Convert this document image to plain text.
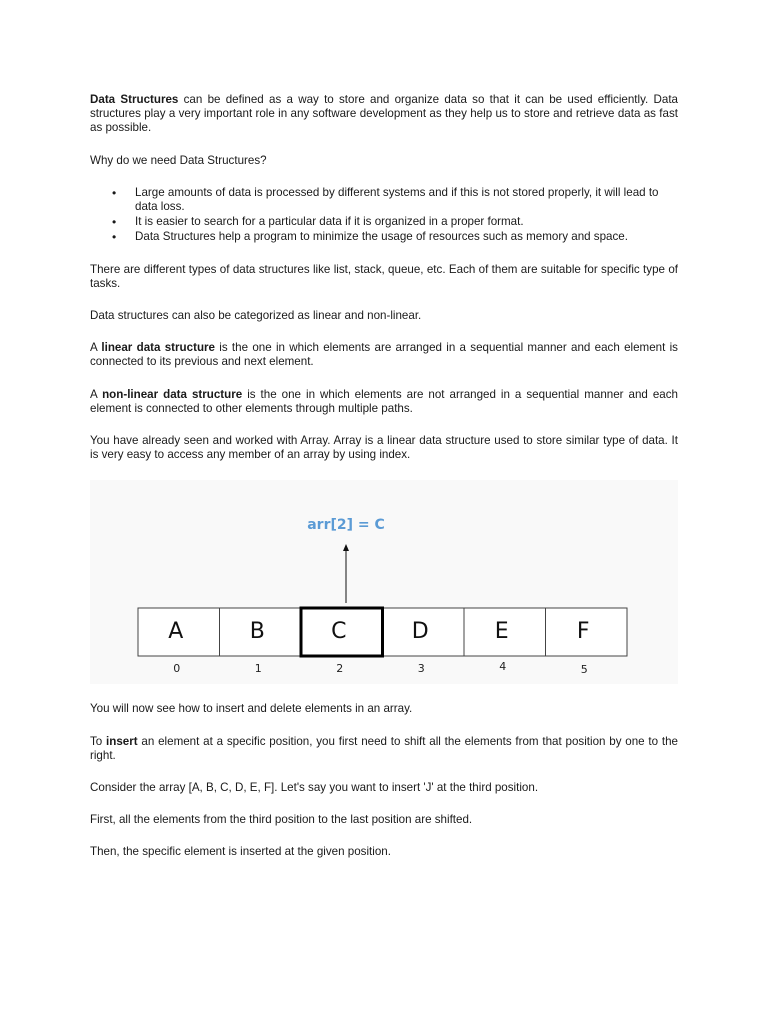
Data Structures can be defined as a way to store and organize data so that it can be used efficiently. Data structures play a very important role in any software development as they help us to store and retrieve data as fast as possible.

Why do we need Data Structures?

• Large amounts of data is processed by different systems and if this is not stored properly, it will lead to data loss.
• It is easier to search for a particular data if it is organized in a proper format.
• Data Structures help a program to minimize the usage of resources such as memory and space.

There are different types of data structures like list, stack, queue, etc. Each of them are suitable for specific type of tasks.

Data structures can also be categorized as linear and non-linear.

A linear data structure is the one in which elements are arranged in a sequential manner and each element is connected to its previous and next element.

A non-linear data structure is the one in which elements are not arranged in a sequential manner and each element is connected to other elements through multiple paths.

You have already seen and worked with Array. Array is a linear data structure used to store similar type of data. It is very easy to access any member of an array by using index.

arr[2] = C
A	B	C	D	E	F
0	1	2	3	4	5

You will now see how to insert and delete elements in an array.

To insert an element at a specific position, you first need to shift all the elements from that position by one to the right.

Consider the array [A, B, C, D, E, F]. Let's say you want to insert 'J' at the third position.

First, all the elements from the third position to the last position are shifted.

Then, the specific element is inserted at the given position.
